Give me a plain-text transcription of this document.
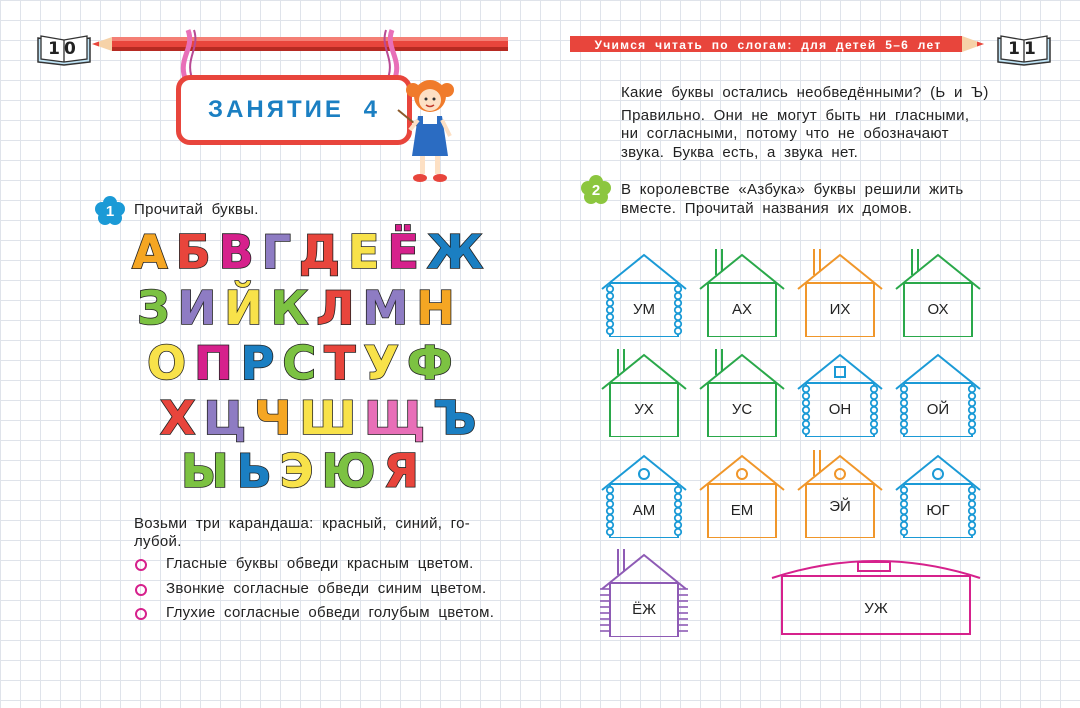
10	Учимся читать по слогам: для детей 5–6 лет	11
ЗАНЯТИЕ 4
1	Прочитай буквы.
А Б В Г Д Е Ё Ж
З И Й К Л М Н
О П Р С Т У Ф
Х Ц Ч Ш Щ Ъ
Ы Ь Э Ю Я
Возьми три карандаша: красный, синий, го-
лубой.
Гласные буквы обведи красным цветом.
Звонкие согласные обведи синим цветом.
Глухие согласные обведи голубым цветом.
Какие буквы остались необведёнными? (Ь и Ъ)
Правильно. Они не могут быть ни гласными,
ни согласными, потому что не обозначают
звука. Буква есть, а звука нет.
2	В королевстве «Азбука» буквы решили жить
вместе. Прочитай названия их домов.
УМ	АХ	ИХ	ОХ
УХ	УС	ОН	ОЙ
АМ	ЕМ	ЭЙ	ЮГ
ЁЖ	УЖ
